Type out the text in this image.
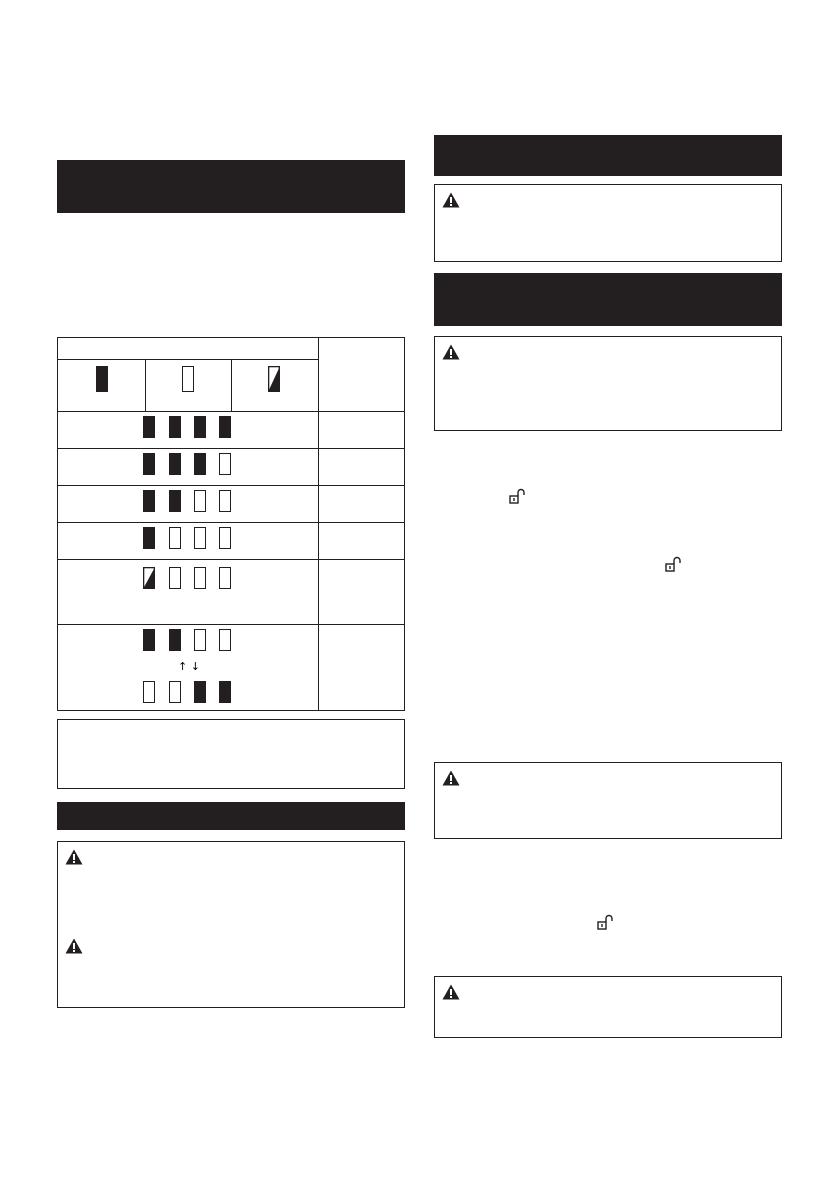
↑ ↓
